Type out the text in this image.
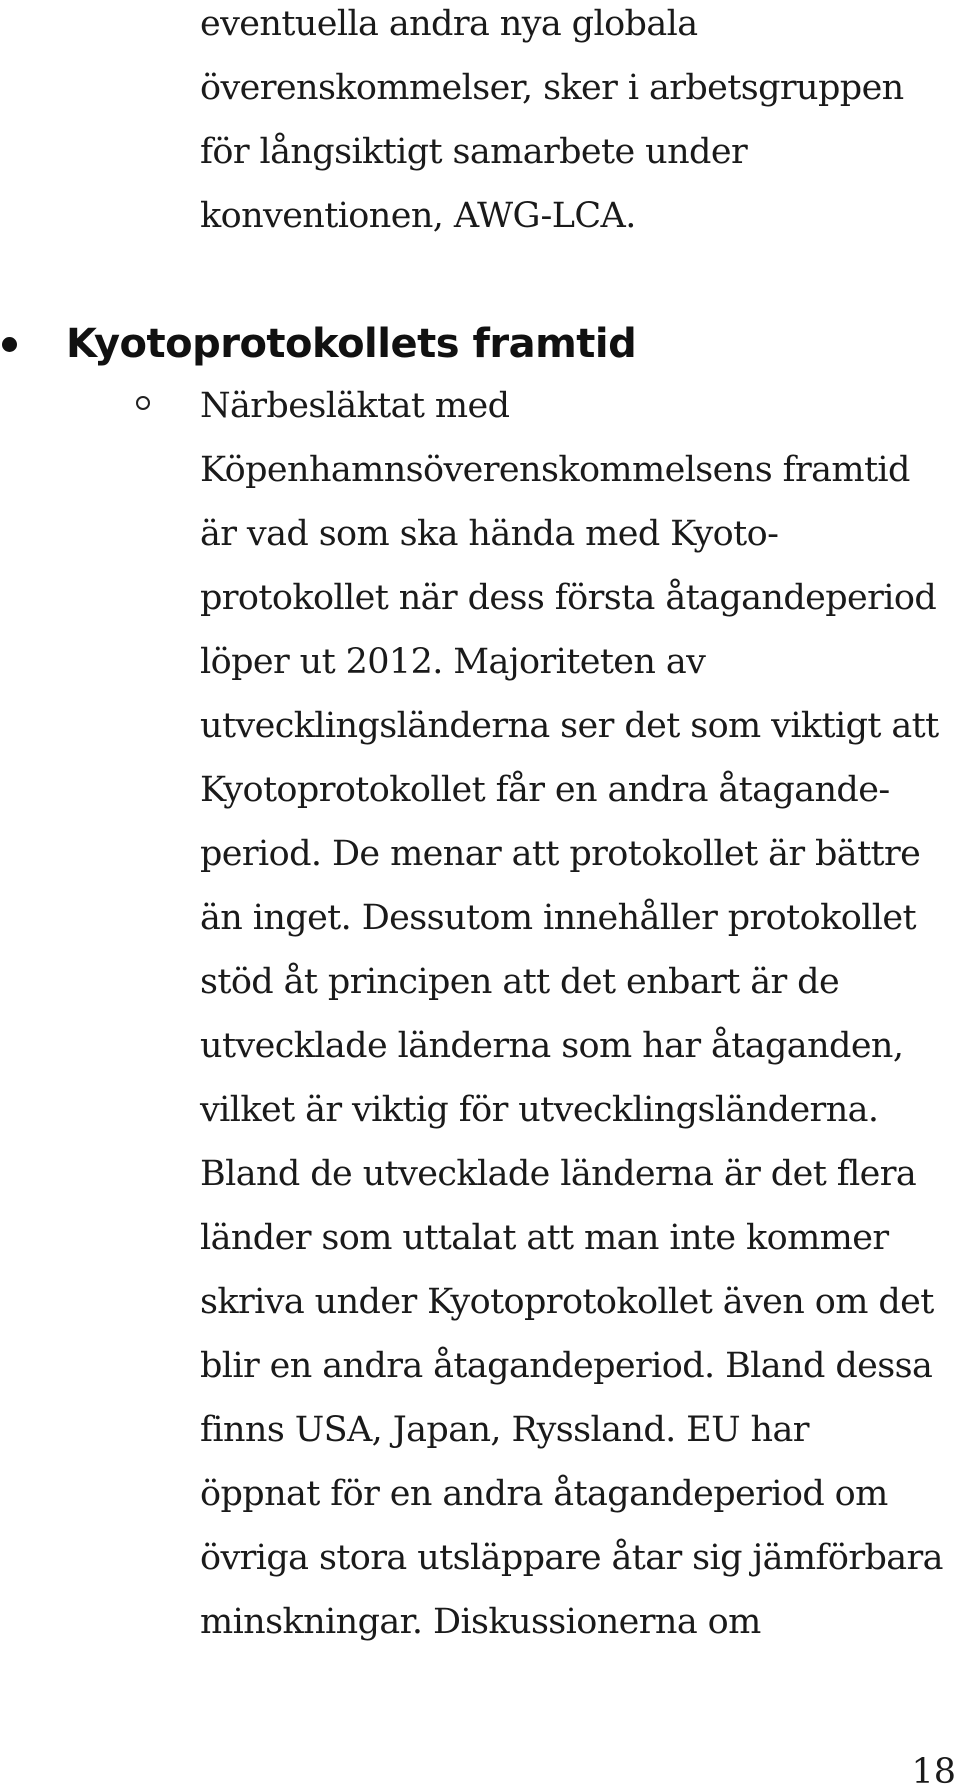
eventuella andra nya globala
överenskommelser, sker i arbetsgruppen
för långsiktigt samarbete under
konventionen, AWG-LCA.
Kyotoprotokollets framtid
Närbesläktat med
Köpenhamnsöverenskommelsens framtid
är vad som ska hända med Kyoto-
protokollet när dess första åtagandeperiod
löper ut 2012. Majoriteten av
utvecklingsländerna ser det som viktigt att
Kyotoprotokollet får en andra åtagande-
period. De menar att protokollet är bättre
än inget. Dessutom innehåller protokollet
stöd åt principen att det enbart är de
utvecklade länderna som har åtaganden,
vilket är viktig för utvecklingsländerna.
Bland de utvecklade länderna är det flera
länder som uttalat att man inte kommer
skriva under Kyotoprotokollet även om det
blir en andra åtagandeperiod. Bland dessa
finns USA, Japan, Ryssland. EU har
öppnat för en andra åtagandeperiod om
övriga stora utsläppare åtar sig jämförbara
minskningar. Diskussionerna om
18
